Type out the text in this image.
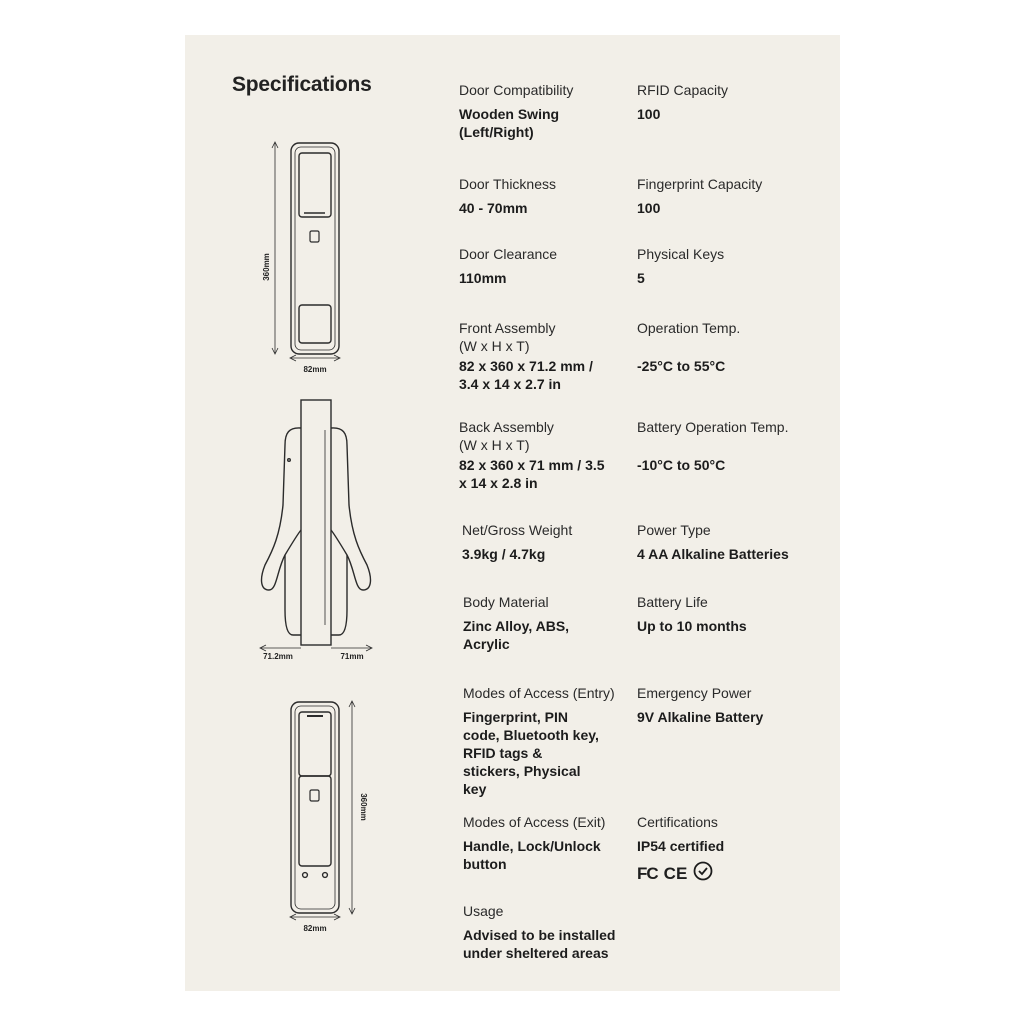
Specifications
360mm
82mm
71.2mm	71mm
360mm
82mm
Door Compatibility
Wooden Swing (Left/Right)
Door Thickness
40 - 70mm
Door Clearance
110mm
Front Assembly
(W x H x T)
82 x 360 x 71.2 mm / 3.4 x 14 x 2.7 in
Back Assembly
(W x H x T)
82 x 360 x 71 mm / 3.5 x 14 x 2.8 in
Net/Gross Weight
3.9kg / 4.7kg
Body Material
Zinc Alloy, ABS, Acrylic
Modes of Access (Entry)
Fingerprint, PIN code, Bluetooth key, RFID tags & stickers, Physical key
Modes of Access (Exit)
Handle, Lock/Unlock button
Usage
Advised to be installed under sheltered areas
RFID Capacity
100
Fingerprint Capacity
100
Physical Keys
5
Operation Temp.
-25°C to 55°C
Battery Operation Temp.
-10°C to 50°C
Power Type
4 AA Alkaline Batteries
Battery Life
Up to 10 months
Emergency Power
9V Alkaline Battery
Certifications
IP54 certified
FC CE
